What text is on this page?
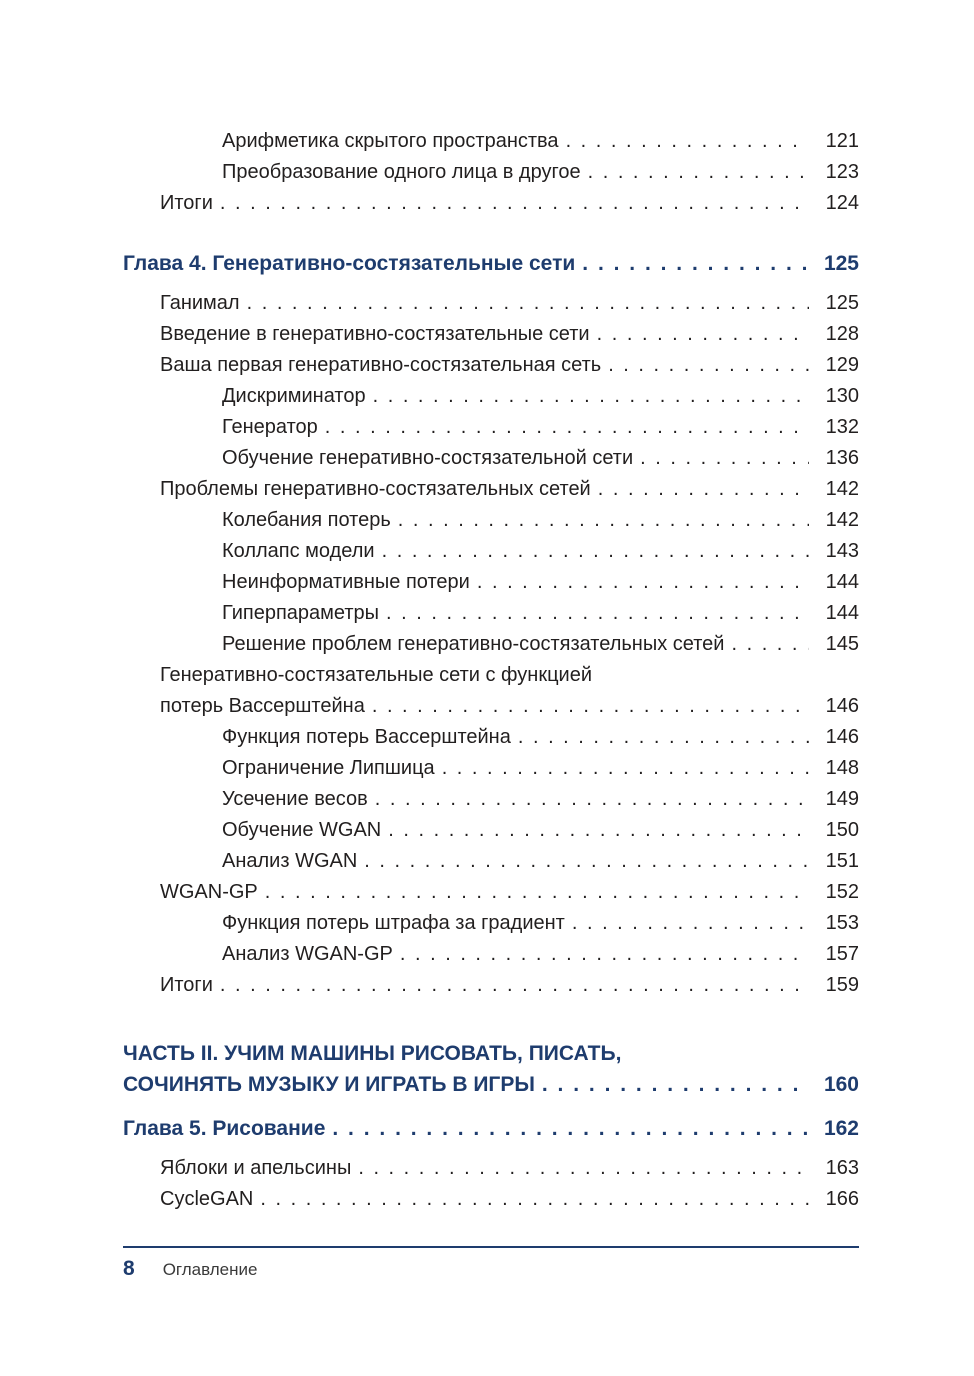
Арифметика скрытого пространства . . .	121
Преобразование одного лица в другое . . .	123
Итоги . . .	124
Глава 4. Генеративно-состязательные сети . . .	125
Ганимал . . .	125
Введение в генеративно-состязательные сети . . .	128
Ваша первая генеративно-состязательная сеть . . .	129
Дискриминатор . . .	130
Генератор . . .	132
Обучение генеративно-состязательной сети . . .	136
Проблемы генеративно-состязательных сетей . . .	142
Колебания потерь . . .	142
Коллапс модели . . .	143
Неинформативные потери . . .	144
Гиперпараметры . . .	144
Решение проблем генеративно-состязательных сетей . . .	145
Генеративно-состязательные сети с функцией
потерь Вассерштейна . . .	146
Функция потерь Вассерштейна . . .	146
Ограничение Липшица . . .	148
Усечение весов . . .	149
Обучение WGAN . . .	150
Анализ WGAN . . .	151
WGAN-GP . . .	152
Функция потерь штрафа за градиент . . .	153
Анализ WGAN-GP . . .	157
Итоги . . .	159
ЧАСТЬ II. УЧИМ МАШИНЫ РИСОВАТЬ, ПИСАТЬ,
СОЧИНЯТЬ МУЗЫКУ И ИГРАТЬ В ИГРЫ . . .	160
Глава 5. Рисование . . .	162
Яблоки и апельсины . . .	163
CycleGAN . . .	166
8 Оглавление
